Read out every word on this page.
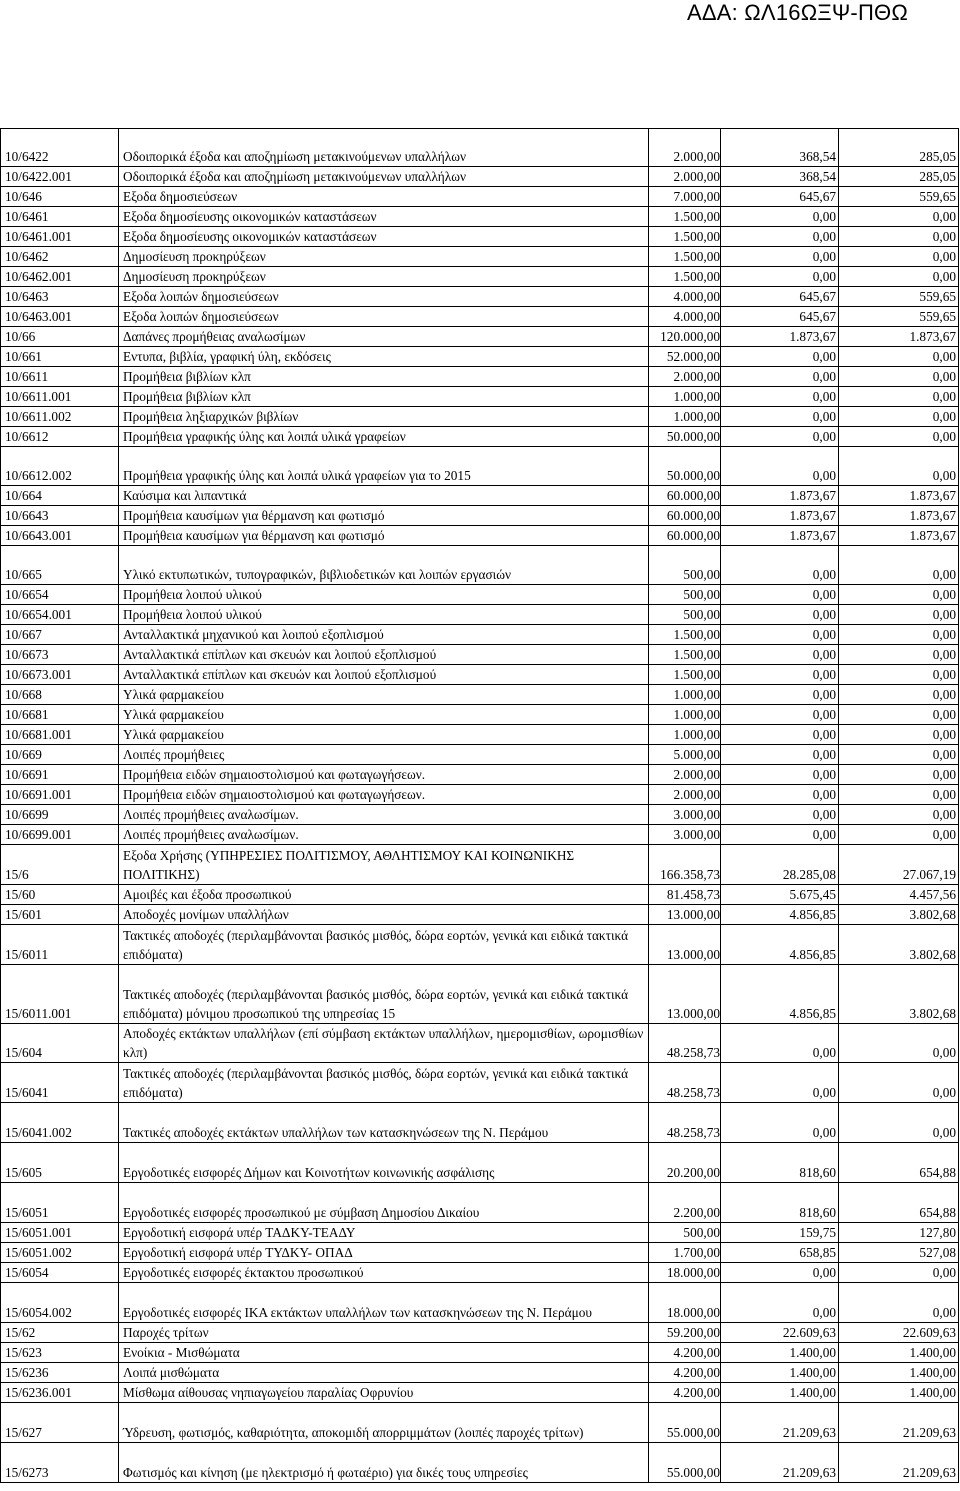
ΑΔΑ: ΩΛ16ΩΞΨ-ΠΘΩ
10/6422	Οδοιπορικά έξοδα και αποζημίωση μετακινούμενων υπαλλήλων	2.000,00	368,54	285,05
10/6422.001	Οδοιπορικά έξοδα και αποζημίωση μετακινούμενων υπαλλήλων	2.000,00	368,54	285,05
10/646	Εξοδα δημοσιεύσεων	7.000,00	645,67	559,65
10/6461	Εξοδα δημοσίευσης οικονομικών καταστάσεων	1.500,00	0,00	0,00
10/6461.001	Εξοδα δημοσίευσης οικονομικών καταστάσεων	1.500,00	0,00	0,00
10/6462	Δημοσίευση προκηρύξεων	1.500,00	0,00	0,00
10/6462.001	Δημοσίευση προκηρύξεων	1.500,00	0,00	0,00
10/6463	Εξοδα λοιπών δημοσιεύσεων	4.000,00	645,67	559,65
10/6463.001	Εξοδα λοιπών δημοσιεύσεων	4.000,00	645,67	559,65
10/66	Δαπάνες προμήθειας αναλωσίμων	120.000,00	1.873,67	1.873,67
10/661	Εντυπα, βιβλία, γραφική ύλη, εκδόσεις	52.000,00	0,00	0,00
10/6611	Προμήθεια βιβλίων κλπ	2.000,00	0,00	0,00
10/6611.001	Προμήθεια βιβλίων κλπ	1.000,00	0,00	0,00
10/6611.002	Προμήθεια ληξιαρχικών βιβλίων	1.000,00	0,00	0,00
10/6612	Προμήθεια γραφικής ύλης και λοιπά υλικά γραφείων	50.000,00	0,00	0,00
10/6612.002	Προμήθεια γραφικής ύλης και λοιπά υλικά γραφείων για το 2015	50.000,00	0,00	0,00
10/664	Καύσιμα και λιπαντικά	60.000,00	1.873,67	1.873,67
10/6643	Προμήθεια καυσίμων για θέρμανση και φωτισμό	60.000,00	1.873,67	1.873,67
10/6643.001	Προμήθεια καυσίμων για θέρμανση και φωτισμό	60.000,00	1.873,67	1.873,67
10/665	Υλικό εκτυπωτικών, τυπογραφικών, βιβλιοδετικών και λοιπών εργασιών	500,00	0,00	0,00
10/6654	Προμήθεια λοιπού υλικού	500,00	0,00	0,00
10/6654.001	Προμήθεια λοιπού υλικού	500,00	0,00	0,00
10/667	Ανταλλακτικά μηχανικού και λοιπού εξοπλισμού	1.500,00	0,00	0,00
10/6673	Ανταλλακτικά επίπλων και σκευών και λοιπού εξοπλισμού	1.500,00	0,00	0,00
10/6673.001	Ανταλλακτικά επίπλων και σκευών και λοιπού εξοπλισμού	1.500,00	0,00	0,00
10/668	Υλικά φαρμακείου	1.000,00	0,00	0,00
10/6681	Υλικά φαρμακείου	1.000,00	0,00	0,00
10/6681.001	Υλικά φαρμακείου	1.000,00	0,00	0,00
10/669	Λοιπές προμήθειες	5.000,00	0,00	0,00
10/6691	Προμήθεια ειδών σημαιοστολισμού και φωταγωγήσεων.	2.000,00	0,00	0,00
10/6691.001	Προμήθεια ειδών σημαιοστολισμού και φωταγωγήσεων.	2.000,00	0,00	0,00
10/6699	Λοιπές προμήθειες αναλωσίμων.	3.000,00	0,00	0,00
10/6699.001	Λοιπές προμήθειες αναλωσίμων.	3.000,00	0,00	0,00
15/6	Εξοδα Χρήσης (ΥΠΗΡΕΣΙΕΣ ΠΟΛΙΤΙΣΜΟΥ, ΑΘΛΗΤΙΣΜΟΥ ΚΑΙ ΚΟΙΝΩΝΙΚΗΣ ΠΟΛΙΤΙΚΗΣ)	166.358,73	28.285,08	27.067,19
15/60	Αμοιβές και έξοδα προσωπικού	81.458,73	5.675,45	4.457,56
15/601	Αποδοχές μονίμων υπαλλήλων	13.000,00	4.856,85	3.802,68
15/6011	Τακτικές αποδοχές (περιλαμβάνονται βασικός μισθός, δώρα εορτών, γενικά και ειδικά τακτικά επιδόματα)	13.000,00	4.856,85	3.802,68
15/6011.001	Τακτικές αποδοχές (περιλαμβάνονται βασικός μισθός, δώρα εορτών, γενικά και ειδικά τακτικά επιδόματα) μόνιμου προσωπικού της υπηρεσίας 15	13.000,00	4.856,85	3.802,68
15/604	Αποδοχές εκτάκτων υπαλλήλων (επί σύμβαση εκτάκτων υπαλλήλων, ημερομισθίων, ωρομισθίων κλπ)	48.258,73	0,00	0,00
15/6041	Τακτικές αποδοχές (περιλαμβάνονται βασικός μισθός, δώρα εορτών, γενικά και ειδικά τακτικά επιδόματα)	48.258,73	0,00	0,00
15/6041.002	Τακτικές αποδοχές εκτάκτων υπαλλήλων των κατασκηνώσεων της Ν. Περάμου	48.258,73	0,00	0,00
15/605	Εργοδοτικές εισφορές Δήμων και Κοινοτήτων κοινωνικής ασφάλισης	20.200,00	818,60	654,88
15/6051	Εργοδοτικές εισφορές προσωπικού με σύμβαση Δημοσίου Δικαίου	2.200,00	818,60	654,88
15/6051.001	Εργοδοτική εισφορά υπέρ ΤΑΔΚΥ-ΤΕΑΔΥ	500,00	159,75	127,80
15/6051.002	Εργοδοτική εισφορά υπέρ ΤΥΔΚΥ- ΟΠΑΔ	1.700,00	658,85	527,08
15/6054	Εργοδοτικές εισφορές έκτακτου προσωπικού	18.000,00	0,00	0,00
15/6054.002	Εργοδοτικές εισφορές ΙΚΑ εκτάκτων υπαλλήλων των κατασκηνώσεων της Ν. Περάμου	18.000,00	0,00	0,00
15/62	Παροχές τρίτων	59.200,00	22.609,63	22.609,63
15/623	Ενοίκια - Μισθώματα	4.200,00	1.400,00	1.400,00
15/6236	Λοιπά μισθώματα	4.200,00	1.400,00	1.400,00
15/6236.001	Μίσθωμα αίθουσας νηπιαγωγείου παραλίας Οφρυνίου	4.200,00	1.400,00	1.400,00
15/627	Ύδρευση, φωτισμός, καθαριότητα, αποκομιδή απορριμμάτων (λοιπές παροχές τρίτων)	55.000,00	21.209,63	21.209,63
15/6273	Φωτισμός και κίνηση (με ηλεκτρισμό ή φωταέριο) για δικές τους υπηρεσίες	55.000,00	21.209,63	21.209,63
